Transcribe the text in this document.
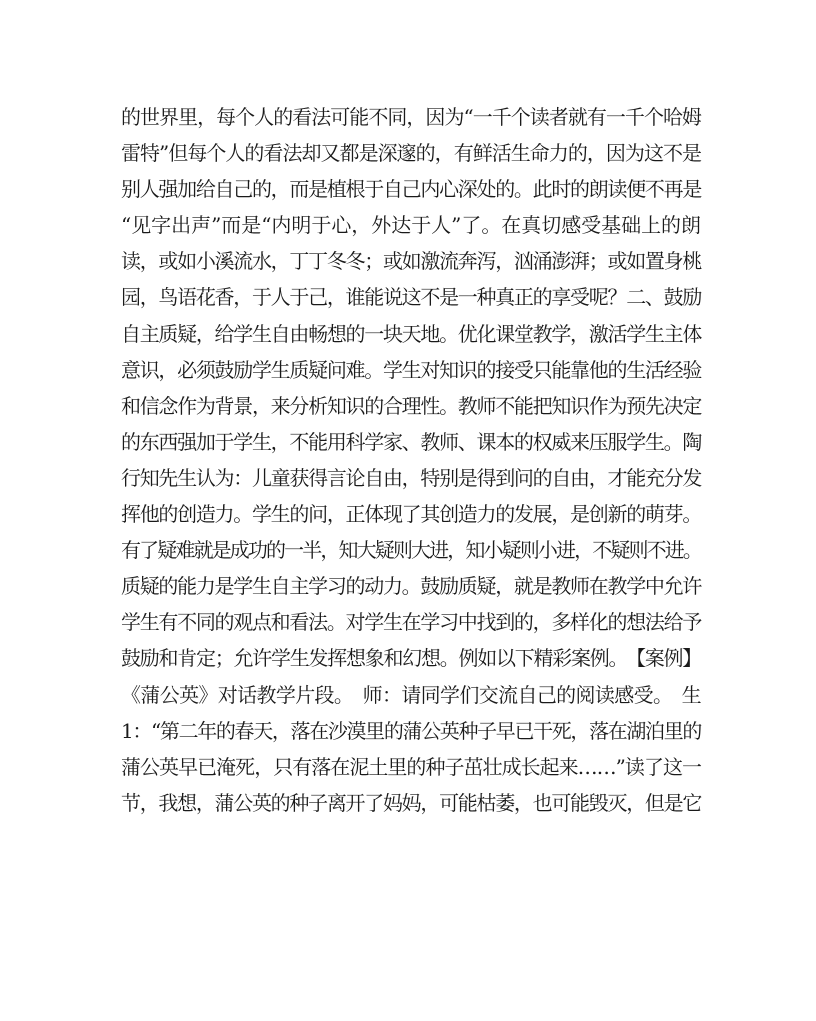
的世界里，每个人的看法可能不同，因为“一千个读者就有一千个哈姆
雷特”但每个人的看法却又都是深邃的，有鲜活生命力的，因为这不是
别人强加给自己的，而是植根于自己内心深处的。此时的朗读便不再是
“见字出声”而是“内明于心，外达于人”了。在真切感受基础上的朗
读，或如小溪流水，丁丁冬冬；或如激流奔泻，汹涌澎湃；或如置身桃
园，鸟语花香，于人于己，谁能说这不是一种真正的享受呢？二、鼓励
自主质疑，给学生自由畅想的一块天地。优化课堂教学，激活学生主体
意识，必须鼓励学生质疑问难。学生对知识的接受只能靠他的生活经验
和信念作为背景，来分析知识的合理性。教师不能把知识作为预先决定
的东西强加于学生，不能用科学家、教师、课本的权威来压服学生。陶
行知先生认为：儿童获得言论自由，特别是得到问的自由，才能充分发
挥他的创造力。学生的问，正体现了其创造力的发展，是创新的萌芽。
有了疑难就是成功的一半，知大疑则大进，知小疑则小进，不疑则不进。
质疑的能力是学生自主学习的动力。鼓励质疑，就是教师在教学中允许
学生有不同的观点和看法。对学生在学习中找到的，多样化的想法给予
鼓励和肯定；允许学生发挥想象和幻想。例如以下精彩案例。　【案例】
《蒲公英》对话教学片段。　师：请同学们交流自己的阅读感受。　生
1：“第二年的春天，落在沙漠里的蒲公英种子早已干死，落在湖泊里的
蒲公英早已淹死，只有落在泥土里的种子茁壮成长起来……”读了这一
节，我想，蒲公英的种子离开了妈妈，可能枯萎，也可能毁灭，但是它
